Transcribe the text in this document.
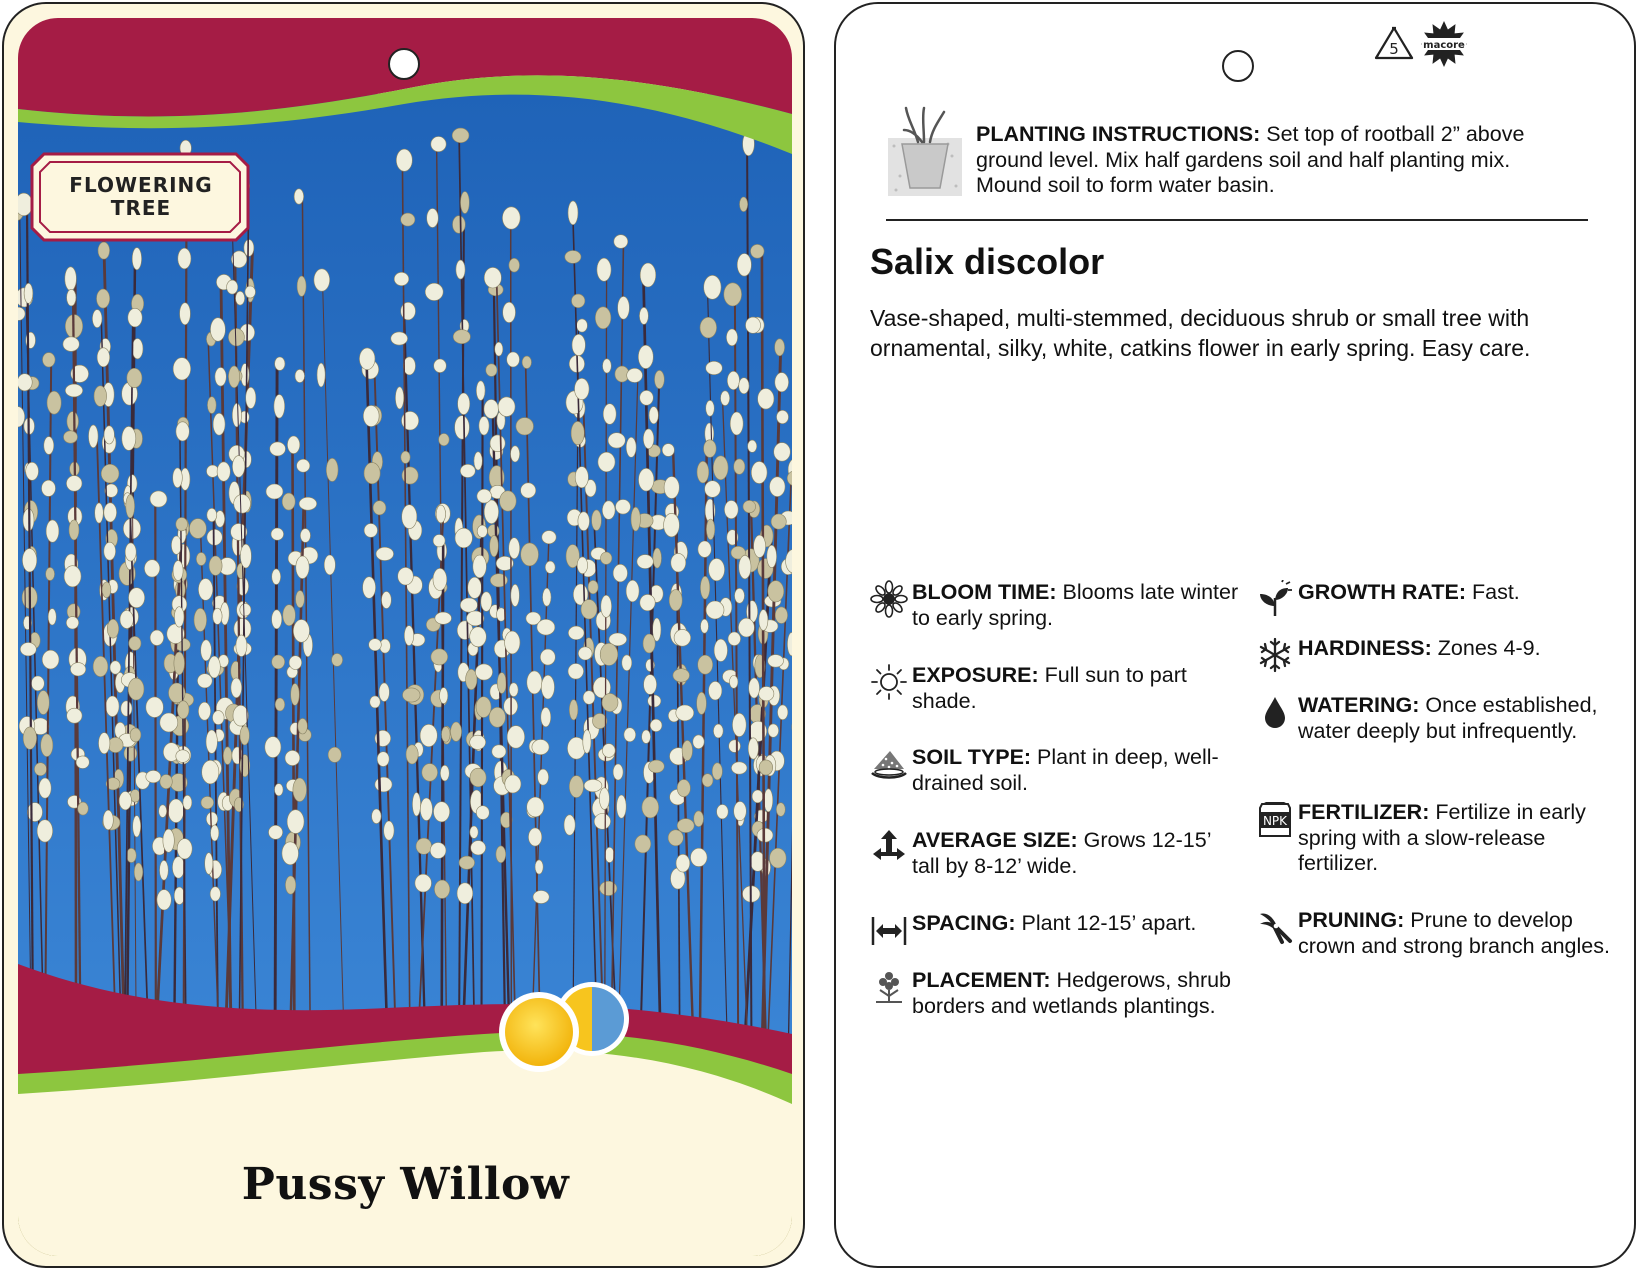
FLOWERING
TREE
Pussy Willow
5 macore
PLANTING INSTRUCTIONS: Set top of rootball 2” above ground level. Mix half gardens soil and half planting mix. Mound soil to form water basin.
Salix discolor
Vase-shaped, multi-stemmed, deciduous shrub or small tree with ornamental, silky, white, catkins flower in early spring. Easy care.
BLOOM TIME: Blooms late winter to early spring.
EXPOSURE: Full sun to part shade.
SOIL TYPE: Plant in deep, well-drained soil.
AVERAGE SIZE: Grows 12-15’ tall by 8-12’ wide.
SPACING: Plant 12-15’ apart.
PLACEMENT: Hedgerows, shrub borders and wetlands plantings.
GROWTH RATE: Fast.
HARDINESS: Zones 4-9.
WATERING: Once established, water deeply but infrequently.
NPK FERTILIZER: Fertilize in early spring with a slow-release fertilizer.
PRUNING: Prune to develop crown and strong branch angles.
